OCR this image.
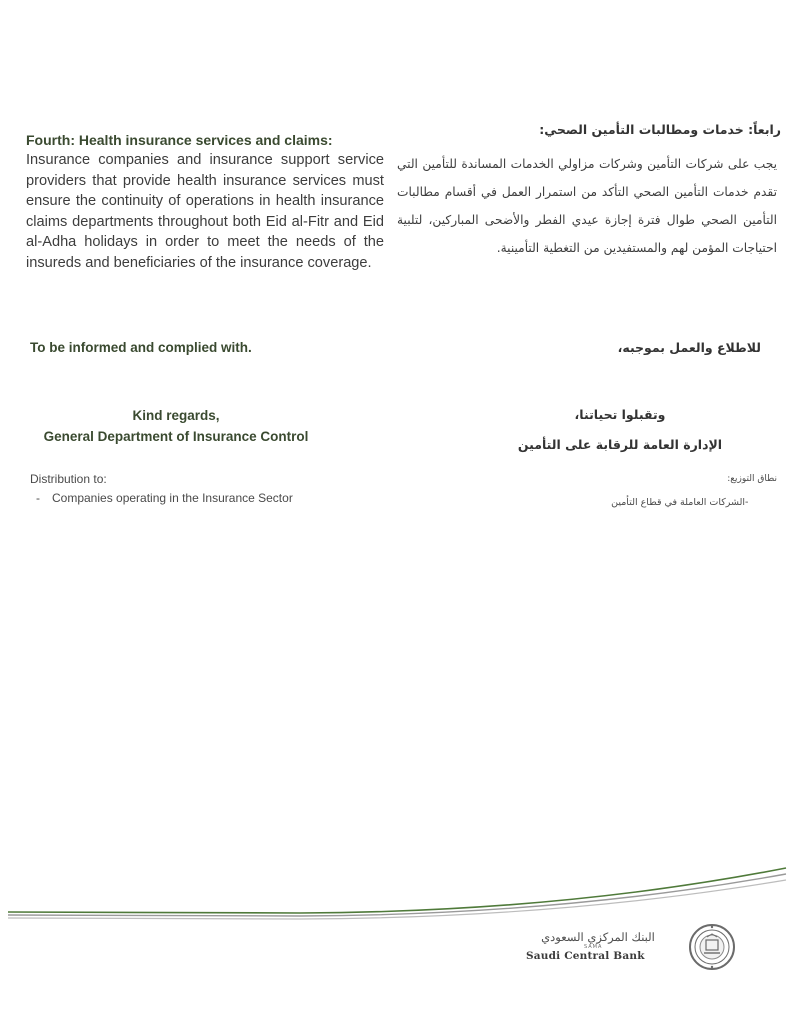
Fourth: Health insurance services and claims:
Insurance companies and insurance support service providers that provide health insurance services must ensure the continuity of operations in health insurance claims departments throughout both Eid al-Fitr and Eid al-Adha holidays in order to meet the needs of the insureds and beneficiaries of the insurance coverage.
To be informed and complied with.
Kind regards,
General Department of Insurance Control
Distribution to:
- Companies operating in the Insurance Sector
رابعاً: خدمات ومطالبات التأمين الصحي:
يجب على شركات التأمين وشركات مزاولي الخدمات المساندة للتأمين التي تقدم خدمات التأمين الصحي التأكد من استمرار العمل في أقسام مطالبات التأمين الصحي طوال فترة إجازة عيدي الفطر والأضحى المباركين، لتلبية احتياجات المؤمن لهم والمستفيدين من التغطية التأمينية.
للاطلاع والعمل بموجبه،
وتقبلوا تحياتنا،
الإدارة العامة للرقابة على التأمين
نطاق التوزيع:
-الشركات العاملة في قطاع التأمين
البنك المركزي السعودي
Saudi Central Bank
SAMA
